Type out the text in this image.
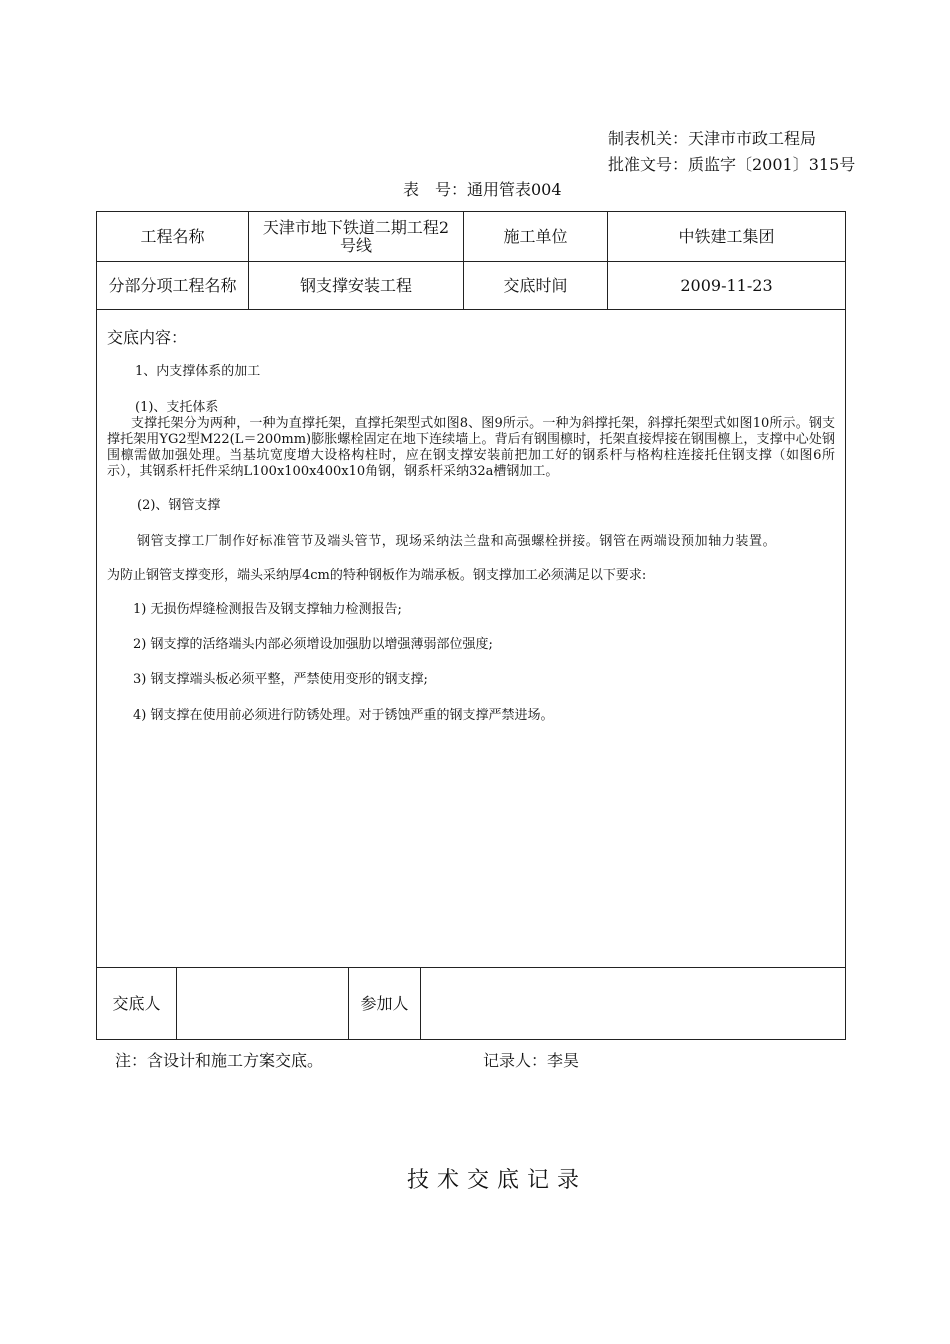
制表机关：天津市市政工程局
批准文号：质监字〔2001〕315号
表　号：通用管表004
工程名称	天津市地下铁道二期工程2号线	施工单位	中铁建工集团
分部分项工程名称	钢支撑安装工程	交底时间	2009-11-23
交底内容：
1、内支撑体系的加工
(1)、支托体系
支撑托架分为两种，一种为直撑托架，直撑托架型式如图8、图9所示。一种为斜撑托架，斜撑托架型式如图10所示。钢支撑托架用YG2型M22(L＝200mm)膨胀螺栓固定在地下连续墙上。背后有钢围檩时，托架直接焊接在钢围檩上，支撑中心处钢围檩需做加强处理。当基坑宽度增大设格构柱时，应在钢支撑安装前把加工好的钢系杆与格构柱连接托住钢支撑（如图6所示），其钢系杆托件采纳L100x100x400x10角钢，钢系杆采纳32a槽钢加工。
(2)、钢管支撑
钢管支撑工厂制作好标准管节及端头管节，现场采纳法兰盘和高强螺栓拼接。钢管在两端设预加轴力装置。
为防止钢管支撑变形，端头采纳厚4cm的特种钢板作为端承板。钢支撑加工必须满足以下要求:
1) 无损伤焊缝检测报告及钢支撑轴力检测报告;
2) 钢支撑的活络端头内部必须增设加强肋以增强薄弱部位强度;
3) 钢支撑端头板必须平整，严禁使用变形的钢支撑;
4) 钢支撑在使用前必须进行防锈处理。对于锈蚀严重的钢支撑严禁进场。
交底人	参加人
注：含设计和施工方案交底。	记录人：李昊
技术交底记录
